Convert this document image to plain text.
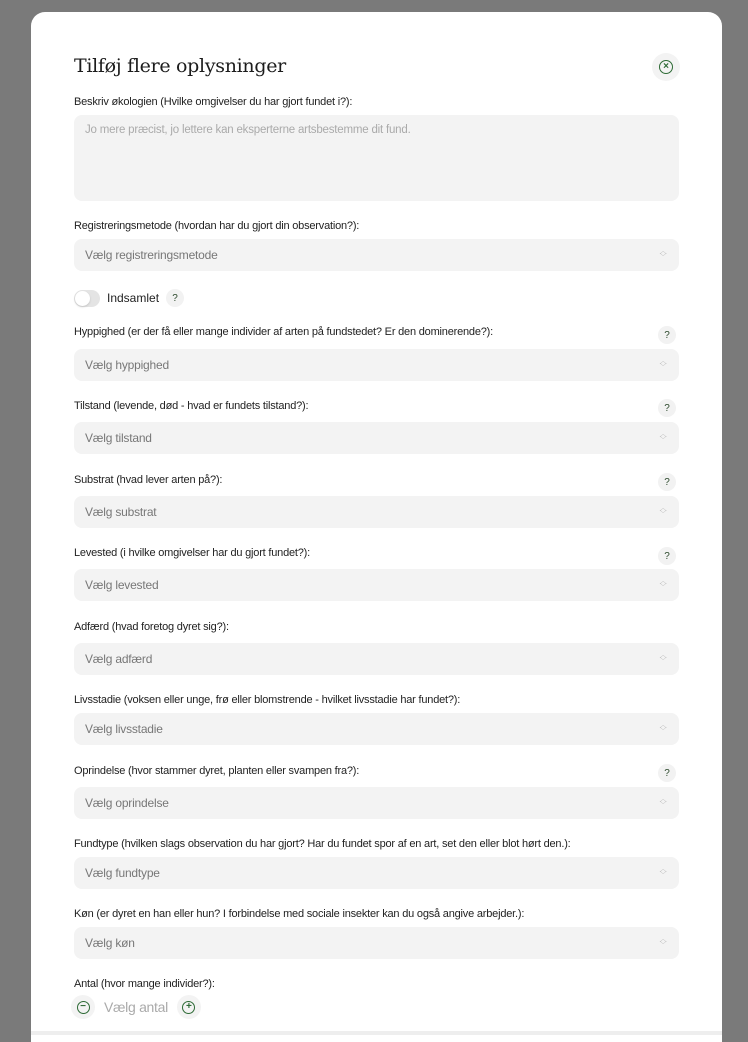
Tilføj flere oplysninger	×
Beskriv økologien (Hvilke omgivelser du har gjort fundet i?):
Jo mere præcist, jo lettere kan eksperterne artsbestemme dit fund.
Registreringsmetode (hvordan har du gjort din observation?):
Vælg registreringsmetode	︿
﹀
Indsamlet	?
Hyppighed (er der få eller mange individer af arten på fundstedet? Er den dominerende?):	?
Vælg hyppighed	︿
﹀
Tilstand (levende, død - hvad er fundets tilstand?):	?
Vælg tilstand	︿
﹀
Substrat (hvad lever arten på?):	?
Vælg substrat	︿
﹀
Levested (i hvilke omgivelser har du gjort fundet?):	?
Vælg levested	︿
﹀
Adfærd (hvad foretog dyret sig?):
Vælg adfærd	︿
﹀
Livsstadie (voksen eller unge, frø eller blomstrende - hvilket livsstadie har fundet?):
Vælg livsstadie	︿
﹀
Oprindelse (hvor stammer dyret, planten eller svampen fra?):	?
Vælg oprindelse	︿
﹀
Fundtype (hvilken slags observation du har gjort? Har du fundet spor af en art, set den eller blot hørt den.):
Vælg fundtype	︿
﹀
Køn (er dyret en han eller hun? I forbindelse med sociale insekter kan du også angive arbejder.):
Vælg køn	︿
﹀
Antal (hvor mange individer?):
− Vælg antal	+
